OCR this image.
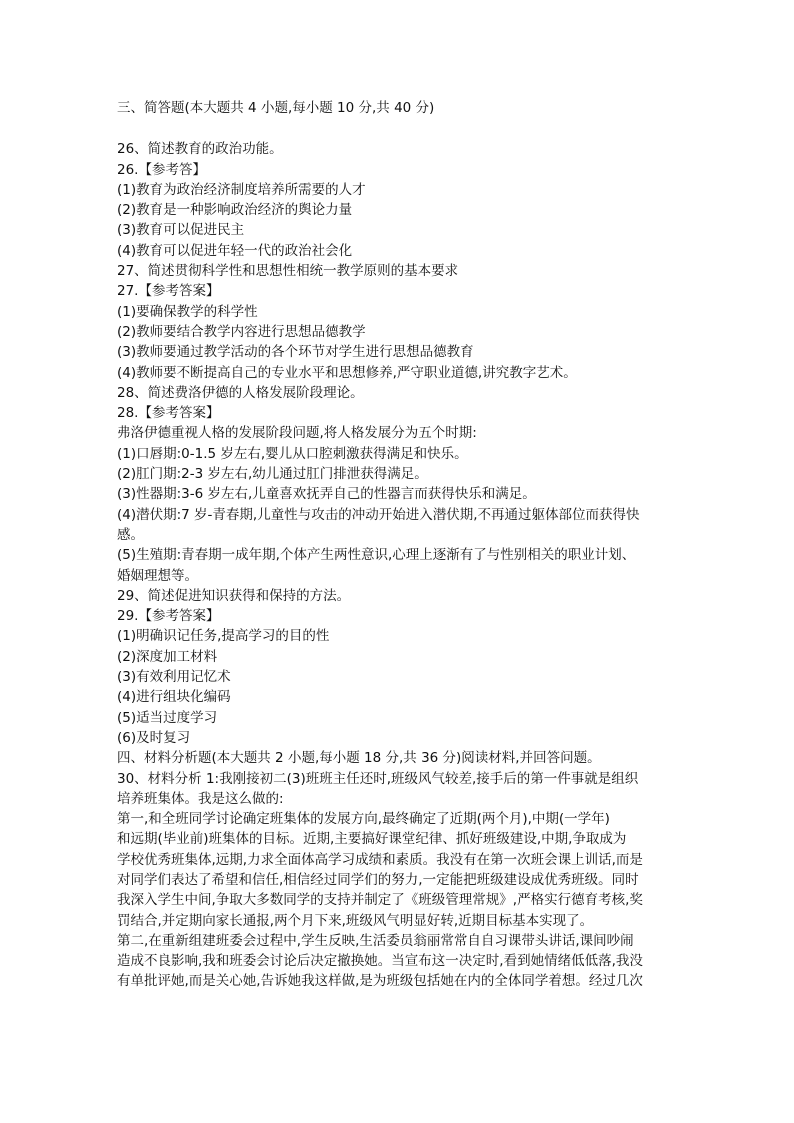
三、简答题(本大题共 4 小题,每小题 10 分,共 40 分)
26、简述教育的政治功能。
26.【参考答】
(1)教育为政治经济制度培养所需要的人才
(2)教育是一种影响政治经济的舆论力量
(3)教育可以促进民主
(4)教育可以促进年轻一代的政治社会化
27、简述贯彻科学性和思想性相统一教学原则的基本要求
27.【参考答案】
(1)要确保教学的科学性
(2)教师要结合教学内容进行思想品德教学
(3)教师要通过教学活动的各个环节对学生进行思想品德教育
(4)教师要不断提高自己的专业水平和思想修养,严守职业道德,讲究教字艺术。
28、简述费洛伊德的人格发展阶段理论。
28.【参考答案】
弗洛伊德重视人格的发展阶段问题,将人格发展分为五个时期:
(1)口唇期:0-1.5 岁左右,婴儿从口腔刺激获得满足和快乐。
(2)肛门期:2-3 岁左右,幼儿通过肛门排泄获得满足。
(3)性器期:3-6 岁左右,儿童喜欢抚弄自己的性器言而获得快乐和满足。
(4)潜伏期:7 岁-青春期,儿童性与攻击的冲动开始进入潜伏期,不再通过躯体部位而获得快
感。
(5)生殖期:青春期一成年期,个体产生两性意识,心理上逐渐有了与性别相关的职业计划、
婚姻理想等。
29、简述促进知识获得和保持的方法。
29.【参考答案】
(1)明确识记任务,提高学习的目的性
(2)深度加工材料
(3)有效利用记忆术
(4)进行组块化编码
(5)适当过度学习
(6)及时复习
四、材料分析题(本大题共 2 小题,每小题 18 分,共 36 分)阅读材料,并回答问题。
30、材料分析 1:我刚接初二(3)班班主任还时,班级风气较差,接手后的第一件事就是组织
培养班集体。我是这么做的:
第一,和全班同学讨论确定班集体的发展方向,最终确定了近期(两个月),中期(一学年)
和远期(毕业前)班集体的目标。近期,主要搞好课堂纪律、抓好班级建设,中期,争取成为
学校优秀班集体,远期,力求全面体高学习成绩和素质。我没有在第一次班会课上训话,而是
对同学们表达了希望和信任,相信经过同学们的努力,一定能把班级建设成优秀班级。同时
我深入学生中间,争取大多数同学的支持并制定了《班级管理常规》,严格实行德育考核,奖
罚结合,并定期向家长通报,两个月下来,班级风气明显好转,近期目标基本实现了。
第二,在重新组建班委会过程中,学生反映,生活委员翁丽常常自自习课带头讲话,课间吵闹
造成不良影响,我和班委会讨论后决定撤换她。当宣布这一决定时,看到她情绪低低落,我没
有单批评她,而是关心她,告诉她我这样做,是为班级包括她在内的全体同学着想。经过几次
